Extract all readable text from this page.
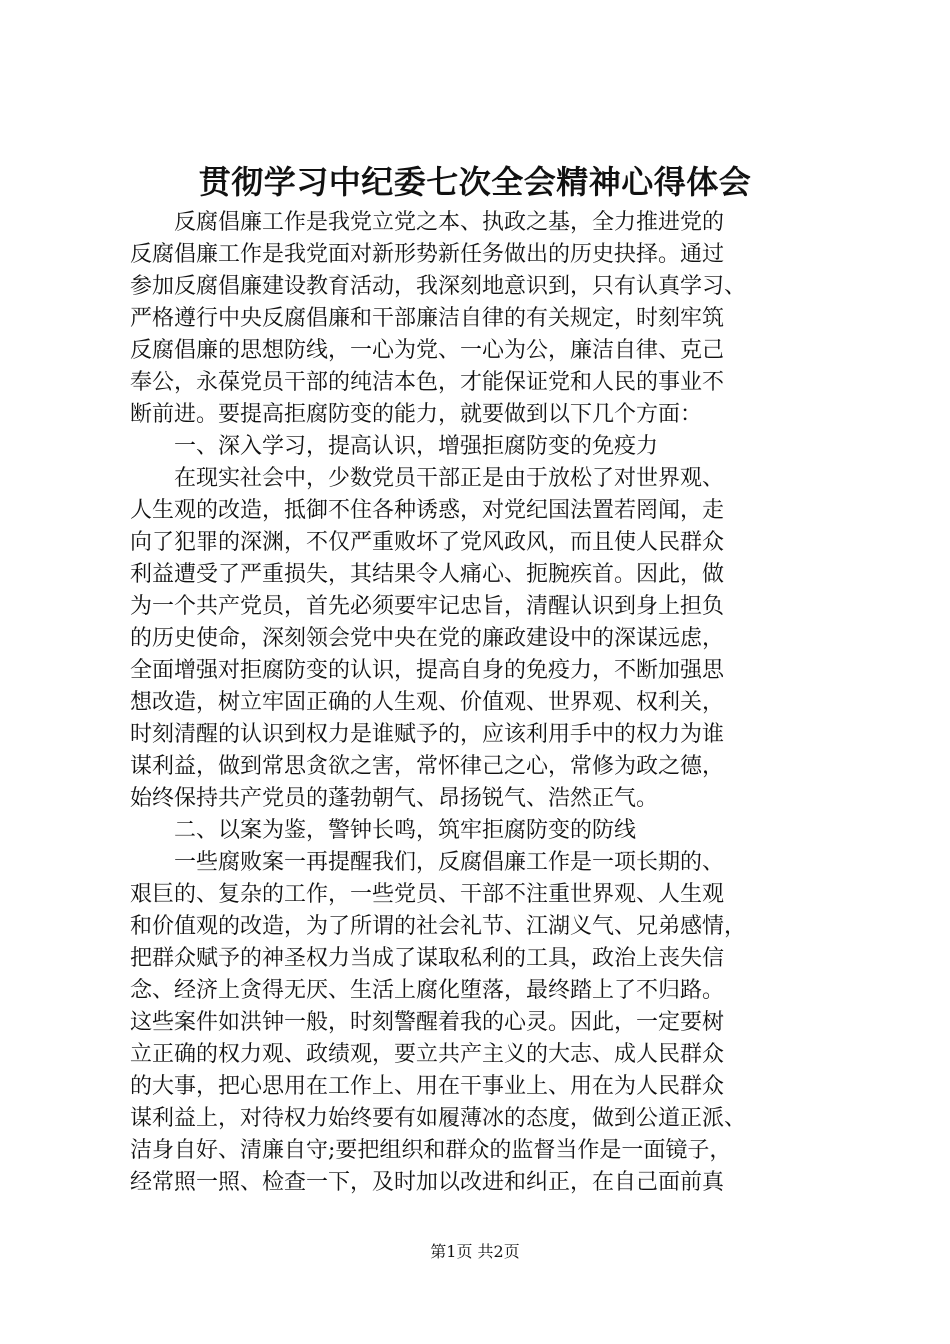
贯彻学习中纪委七次全会精神心得体会
　　反腐倡廉工作是我党立党之本、执政之基，全力推进党的
反腐倡廉工作是我党面对新形势新任务做出的历史抉择。通过
参加反腐倡廉建设教育活动，我深刻地意识到，只有认真学习、
严格遵行中央反腐倡廉和干部廉洁自律的有关规定，时刻牢筑
反腐倡廉的思想防线，一心为党、一心为公，廉洁自律、克己
奉公，永葆党员干部的纯洁本色，才能保证党和人民的事业不
断前进。要提高拒腐防变的能力，就要做到以下几个方面：
　　一、深入学习，提高认识，增强拒腐防变的免疫力
　　在现实社会中，少数党员干部正是由于放松了对世界观、
人生观的改造，抵御不住各种诱惑，对党纪国法置若罔闻，走
向了犯罪的深渊，不仅严重败坏了党风政风，而且使人民群众
利益遭受了严重损失，其结果令人痛心、扼腕疾首。因此，做
为一个共产党员，首先必须要牢记忠旨，清醒认识到身上担负
的历史使命，深刻领会党中央在党的廉政建设中的深谋远虑，
全面增强对拒腐防变的认识，提高自身的免疫力，不断加强思
想改造，树立牢固正确的人生观、价值观、世界观、权利关，
时刻清醒的认识到权力是谁赋予的，应该利用手中的权力为谁
谋利益，做到常思贪欲之害，常怀律己之心，常修为政之德，
始终保持共产党员的蓬勃朝气、昂扬锐气、浩然正气。
　　二、以案为鉴，警钟长鸣，筑牢拒腐防变的防线
　　一些腐败案一再提醒我们，反腐倡廉工作是一项长期的、
艰巨的、复杂的工作，一些党员、干部不注重世界观、人生观
和价值观的改造，为了所谓的社会礼节、江湖义气、兄弟感情，
把群众赋予的神圣权力当成了谋取私利的工具，政治上丧失信
念、经济上贪得无厌、生活上腐化堕落，最终踏上了不归路。
这些案件如洪钟一般，时刻警醒着我的心灵。因此，一定要树
立正确的权力观、政绩观，要立共产主义的大志、成人民群众
的大事，把心思用在工作上、用在干事业上、用在为人民群众
谋利益上，对待权力始终要有如履薄冰的态度，做到公道正派、
洁身自好、清廉自守;要把组织和群众的监督当作是一面镜子，
经常照一照、检查一下，及时加以改进和纠正，在自己面前真
第1页 共2页
